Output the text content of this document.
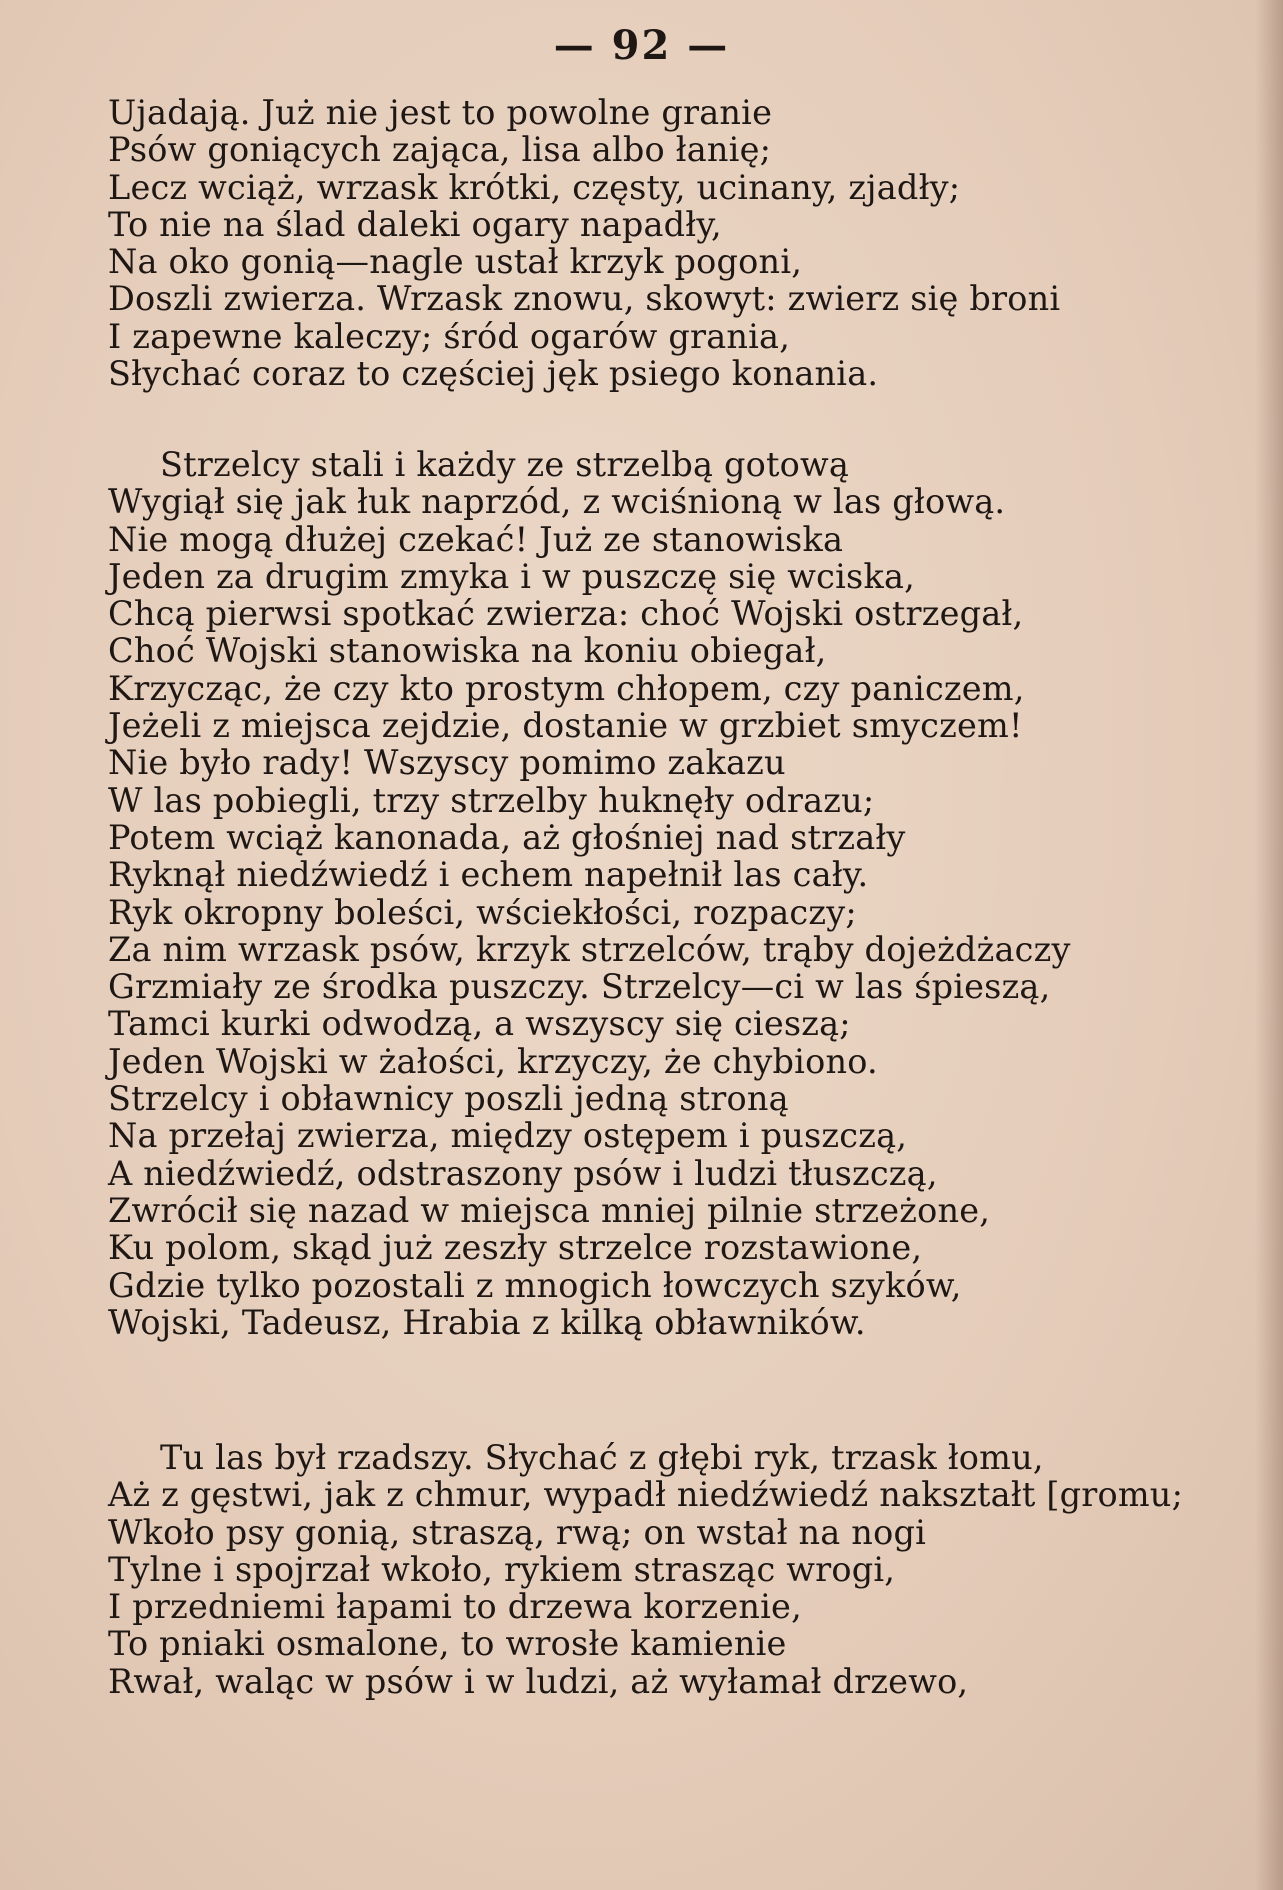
— 92 —
Ujadają. Już nie jest to powolne granie
Psów goniących zająca, lisa albo łanię;
Lecz wciąż, wrzask krótki, częsty, ucinany, zjadły;
To nie na ślad daleki ogary napadły,
Na oko gonią—nagle ustał krzyk pogoni,
Doszli zwierza. Wrzask znowu, skowyt: zwierz się broni
I zapewne kaleczy; śród ogarów grania,
Słychać coraz to częściej jęk psiego konania.
Strzelcy stali i każdy ze strzelbą gotową
Wygiął się jak łuk naprzód, z wciśnioną w las głową.
Nie mogą dłużej czekać! Już ze stanowiska
Jeden za drugim zmyka i w puszczę się wciska,
Chcą pierwsi spotkać zwierza: choć Wojski ostrzegał,
Choć Wojski stanowiska na koniu obiegał,
Krzycząc, że czy kto prostym chłopem, czy paniczem,
Jeżeli z miejsca zejdzie, dostanie w grzbiet smyczem!
Nie było rady! Wszyscy pomimo zakazu
W las pobiegli, trzy strzelby huknęły odrazu;
Potem wciąż kanonada, aż głośniej nad strzały
Ryknął niedźwiedź i echem napełnił las cały.
Ryk okropny boleści, wściekłości, rozpaczy;
Za nim wrzask psów, krzyk strzelców, trąby dojeżdżaczy
Grzmiały ze środka puszczy. Strzelcy—ci w las śpieszą,
Tamci kurki odwodzą, a wszyscy się cieszą;
Jeden Wojski w żałości, krzyczy, że chybiono.
Strzelcy i obławnicy poszli jedną stroną
Na przełaj zwierza, między ostępem i puszczą,
A niedźwiedź, odstraszony psów i ludzi tłuszczą,
Zwrócił się nazad w miejsca mniej pilnie strzeżone,
Ku polom, skąd już zeszły strzelce rozstawione,
Gdzie tylko pozostali z mnogich łowczych szyków,
Wojski, Tadeusz, Hrabia z kilką obławników.
Tu las był rzadszy. Słychać z głębi ryk, trzask łomu,
Aż z gęstwi, jak z chmur, wypadł niedźwiedź nakształt [gromu;
Wkoło psy gonią, straszą, rwą; on wstał na nogi
Tylne i spojrzał wkoło, rykiem strasząc wrogi,
I przedniemi łapami to drzewa korzenie,
To pniaki osmalone, to wrosłe kamienie
Rwał, waląc w psów i w ludzi, aż wyłamał drzewo,
